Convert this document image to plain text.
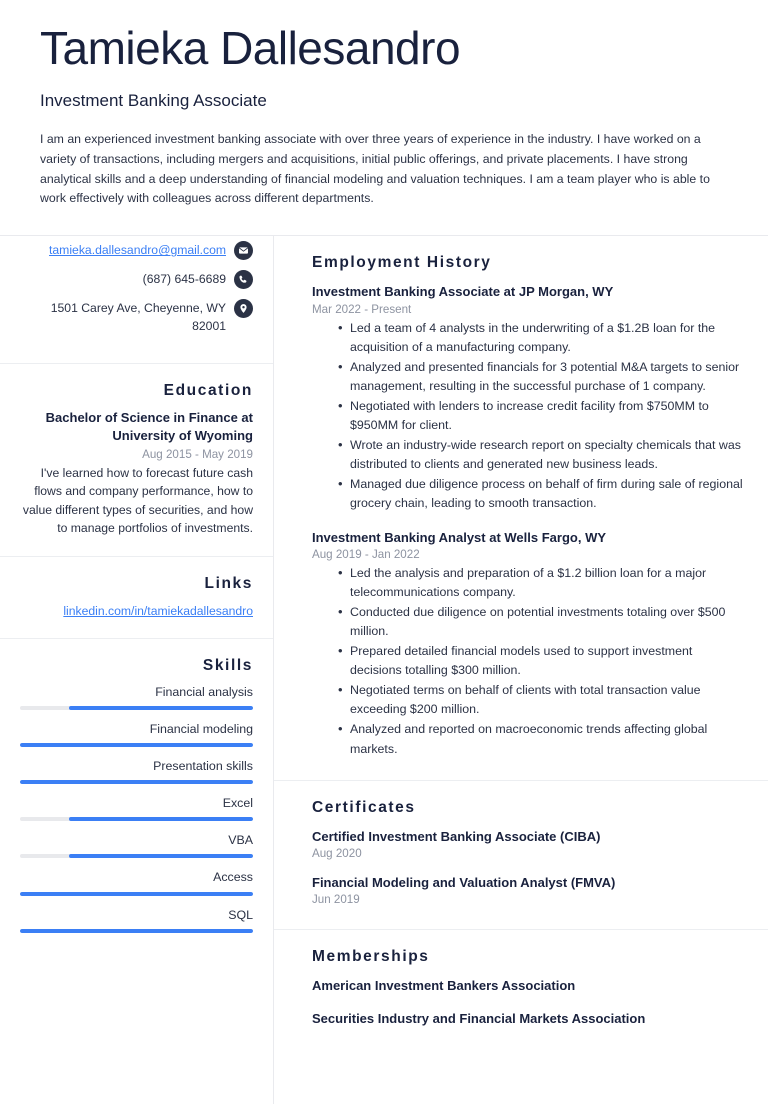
Tamieka Dallesandro
Investment Banking Associate

I am an experienced investment banking associate with over three years of experience in the industry. I have worked on a variety of transactions, including mergers and acquisitions, initial public offerings, and private placements. I have strong analytical skills and a deep understanding of financial modeling and valuation techniques. I am a team player who is able to work effectively with colleagues across different departments.

tamieka.dallesandro@gmail.com
(687) 645-6689
1501 Carey Ave, Cheyenne, WY 82001
Education
Bachelor of Science in Finance at University of Wyoming
Aug 2015 - May 2019
I've learned how to forecast future cash flows and company performance, how to value different types of securities, and how to manage portfolios of investments.
Links
linkedin.com/in/tamiekadallesandro
Skills
Financial analysis
Financial modeling
Presentation skills
Excel
VBA
Access
SQL
Employment History
Investment Banking Associate at JP Morgan, WY
Mar 2022 - Present
• Led a team of 4 analysts in the underwriting of a $1.2B loan for the acquisition of a manufacturing company.
• Analyzed and presented financials for 3 potential M&A targets to senior management, resulting in the successful purchase of 1 company.
• Negotiated with lenders to increase credit facility from $750MM to $950MM for client.
• Wrote an industry-wide research report on specialty chemicals that was distributed to clients and generated new business leads.
• Managed due diligence process on behalf of firm during sale of regional grocery chain, leading to smooth transaction.
Investment Banking Analyst at Wells Fargo, WY
Aug 2019 - Jan 2022
• Led the analysis and preparation of a $1.2 billion loan for a major telecommunications company.
• Conducted due diligence on potential investments totaling over $500 million.
• Prepared detailed financial models used to support investment decisions totalling $300 million.
• Negotiated terms on behalf of clients with total transaction value exceeding $200 million.
• Analyzed and reported on macroeconomic trends affecting global markets.
Certificates
Certified Investment Banking Associate (CIBA)
Aug 2020
Financial Modeling and Valuation Analyst (FMVA)
Jun 2019
Memberships
American Investment Bankers Association
Securities Industry and Financial Markets Association
